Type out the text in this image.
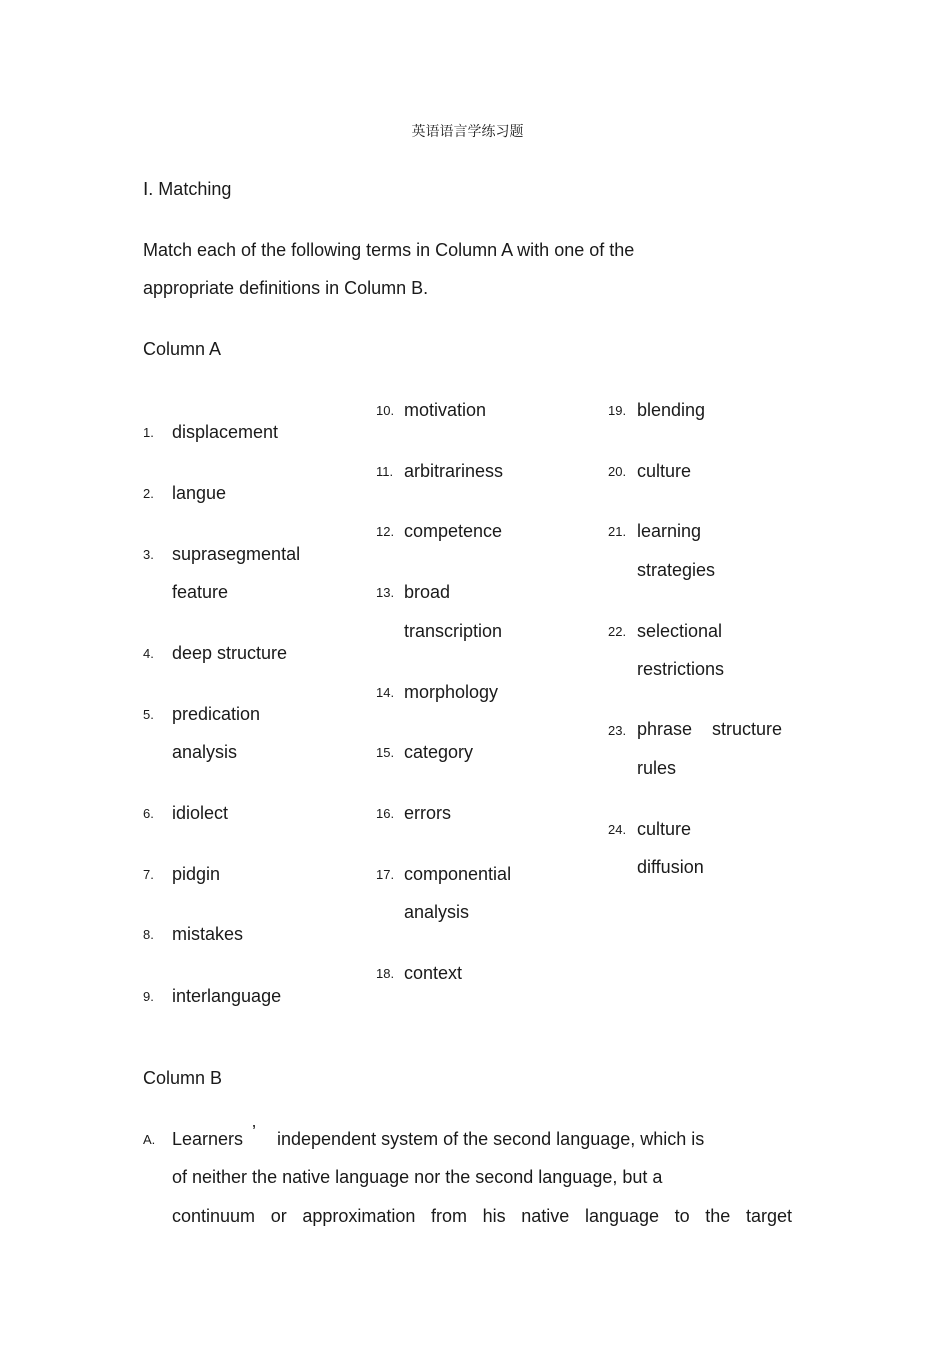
英语语言学练习题
Ⅰ. Matching
Match each of the following terms in Column A with one of the
appropriate definitions in Column B.
Column A
1. displacement
2. langue
3. suprasegmental
feature
4. deep structure
5. predication
analysis
6. idiolect
7. pidgin
8. mistakes
9. interlanguage
10. motivation
11. arbitrariness
12. competence
13. broad
transcription
14. morphology
15. category
16. errors
17. componential
analysis
18. context
19. blending
20. culture
21. learning
strategies
22. selectional
restrictions
23. phrase    structure
rules
24. culture
diffusion
Column B
A. Learners ’ independent system of the second language, which is
of neither the native language nor the second language, but a
continuum or approximation from his native language to the target
